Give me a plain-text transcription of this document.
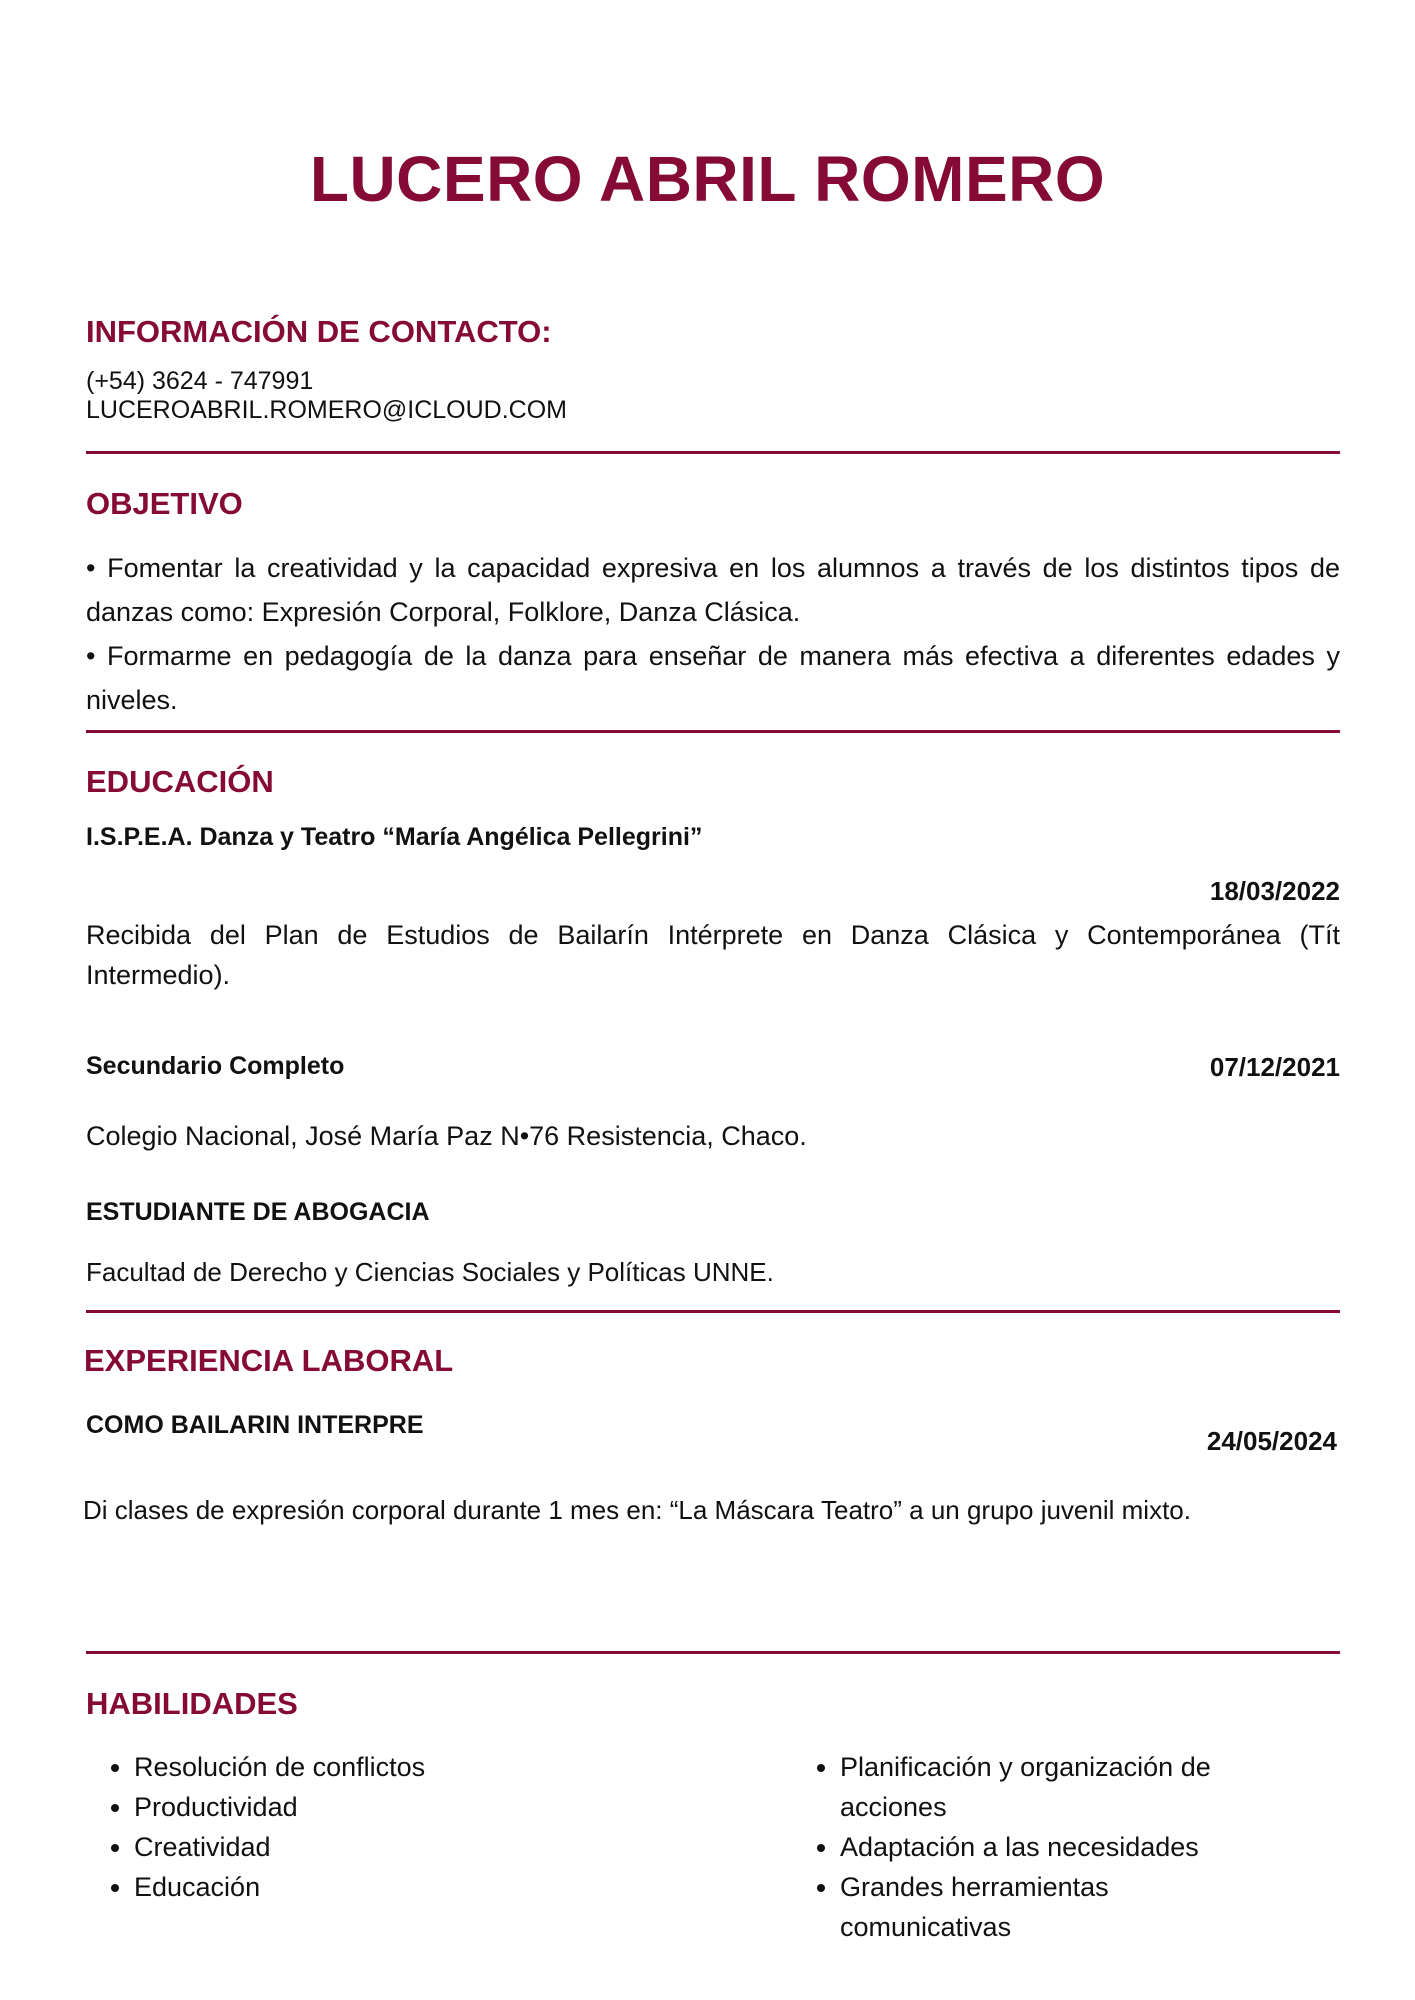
LUCERO ABRIL ROMERO
INFORMACIÓN DE CONTACTO:
(+54) 3624 - 747991
LUCEROABRIL.ROMERO@ICLOUD.COM
OBJETIVO

• Fomentar la creatividad y la capacidad expresiva en los alumnos a través de los distintos tipos de danzas como: Expresión Corporal, Folklore, Danza Clásica.

• Formarme en pedagogía de la danza para enseñar de manera más efectiva a diferentes edades y niveles.

EDUCACIÓN
I.S.P.E.A. Danza y Teatro “María Angélica Pellegrini”
18/03/2022
Recibida del Plan de Estudios de Bailarín Intérprete en Danza Clásica y Contemporánea (Tít Intermedio).
Secundario Completo	07/12/2021
Colegio Nacional, José María Paz N•76 Resistencia, Chaco.
ESTUDIANTE DE ABOGACIA
Facultad de Derecho y Ciencias Sociales y Políticas UNNE.
EXPERIENCIA LABORAL
COMO BAILARIN INTERPRE
24/05/2024
Di clases de expresión corporal durante 1 mes en: “La Máscara Teatro” a un grupo juvenil mixto.
HABILIDADES
• Resolución de conflictos
• Productividad
• Creatividad
• Educación
• Planificación y organización de acciones
• Adaptación a las necesidades
• Grandes herramientas comunicativas
